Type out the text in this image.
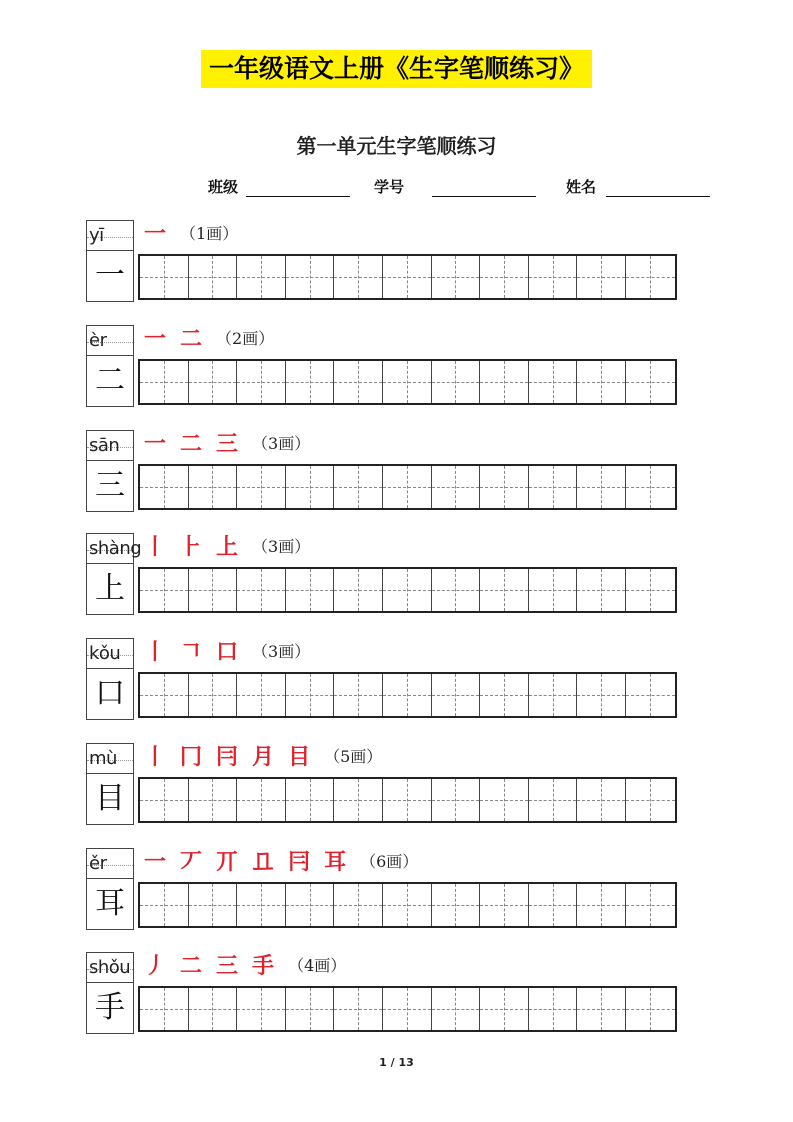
一年级语文上册《生字笔顺练习》
第一单元生字笔顺练习
班级	学号	姓名
yī
一
一 （1画）
èr
二
一 二 （2画）
sān
三
一 二 三 （3画）
shàng
上
丨 ⺊ 上 （3画）
kǒu
口
丨 𠃍 口 （3画）
mù
目
丨 冂 冃 月 目 （5画）
ěr
耳
一 丆 丌 𠀃 冃 耳 （6画）
shǒu
手
丿 二 三 手 （4画）
1 / 13
